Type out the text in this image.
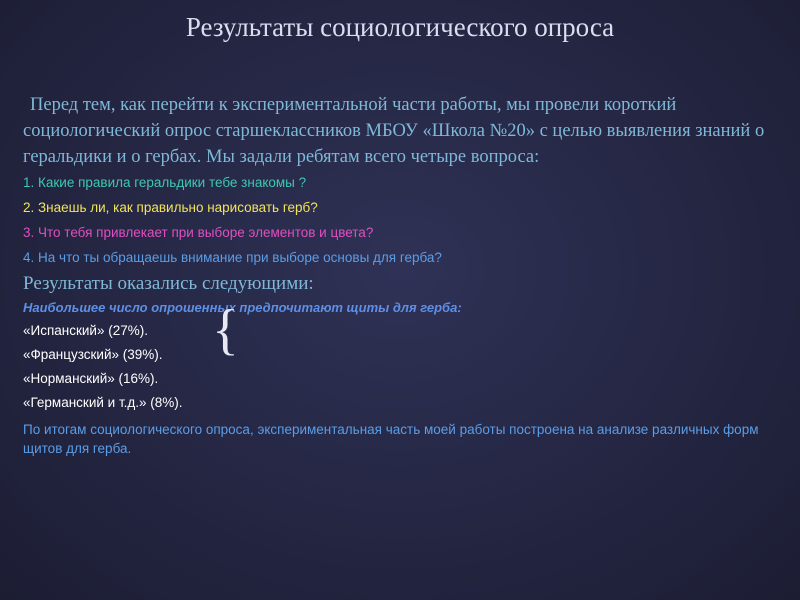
Результаты социологического опроса

Перед тем, как перейти к экспериментальной части работы, мы провели короткий социологический опрос старшеклассников МБОУ «Школа №20» с целью выявления знаний о геральдики и о гербах. Мы задали ребятам всего четыре вопроса:

1. Какие правила геральдики тебе знакомы ?

2. Знаешь ли, как правильно нарисовать герб?

3. Что тебя привлекает при выборе элементов и цвета?

4. На что ты обращаешь внимание при выборе основы для герба?

Результаты оказались следующими:

Наибольшее число опрошенных предпочитают щиты для герба:

«Испанский» (27%).

«Французский» (39%).

«Норманский» (16%).

«Германский и т.д.» (8%).

По итогам социологического опроса, экспериментальная часть моей работы построена на анализе различных форм щитов для герба.

{
